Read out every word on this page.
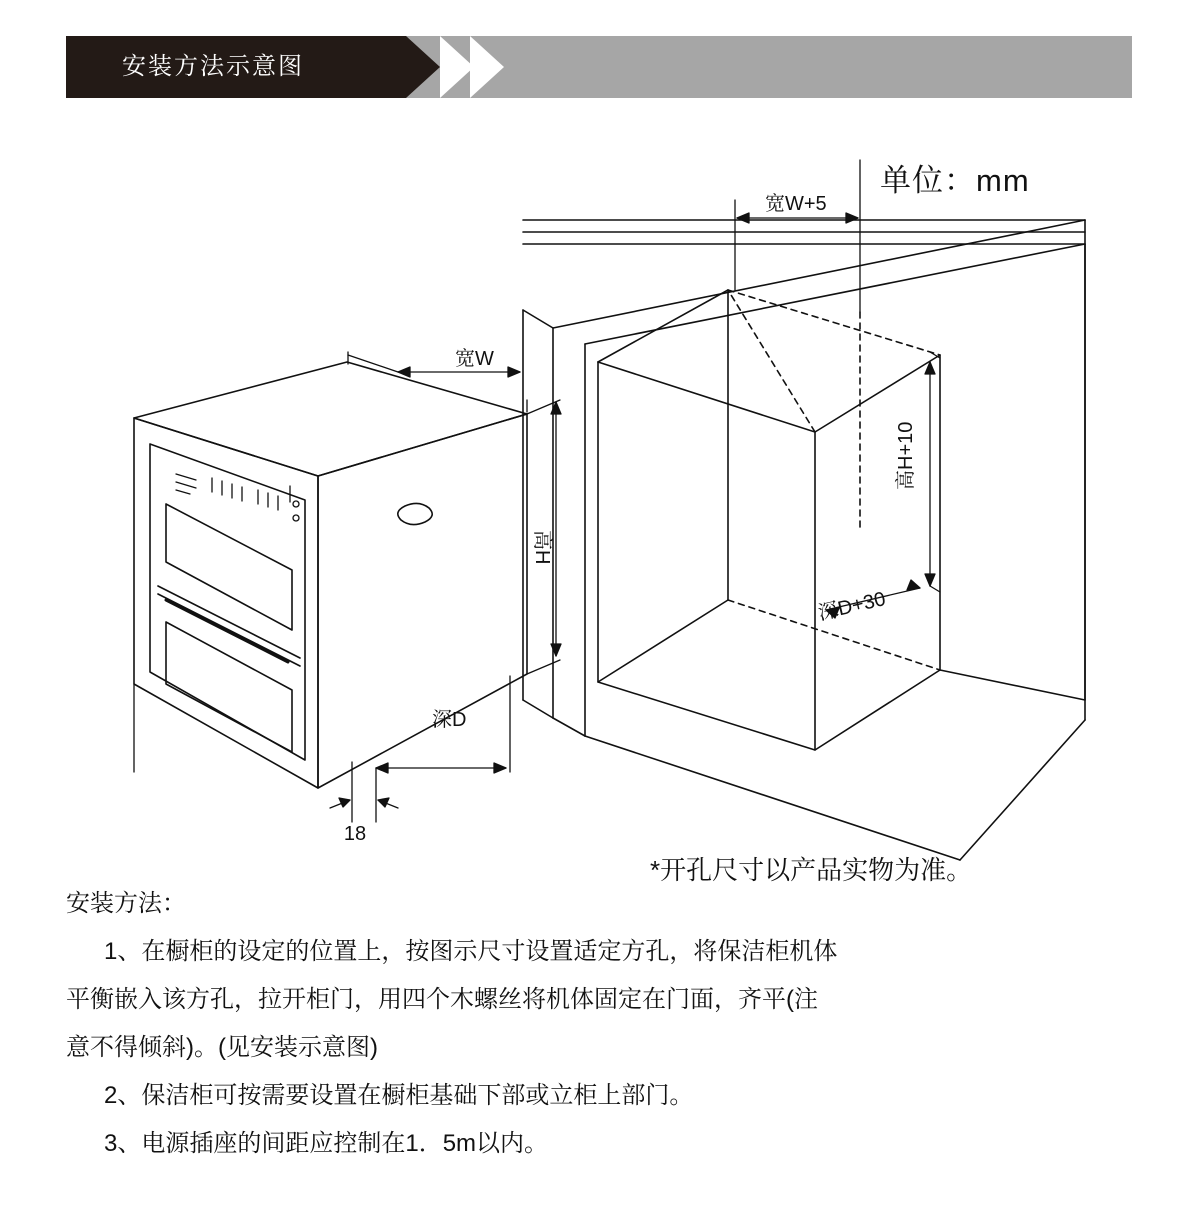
安装方法示意图
单位：mm
宽W+5
宽W
高H
高H+10
深D+30
深D
18
*开孔尺寸以产品实物为准。

安装方法：

1、在橱柜的设定的位置上，按图示尺寸设置适定方孔，将保洁柜机体

平衡嵌入该方孔，拉开柜门，用四个木螺丝将机体固定在门面，齐平(注

意不得倾斜)。(见安装示意图)

2、保洁柜可按需要设置在橱柜基础下部或立柜上部门。

3、电源插座的间距应控制在1．5m以内。
